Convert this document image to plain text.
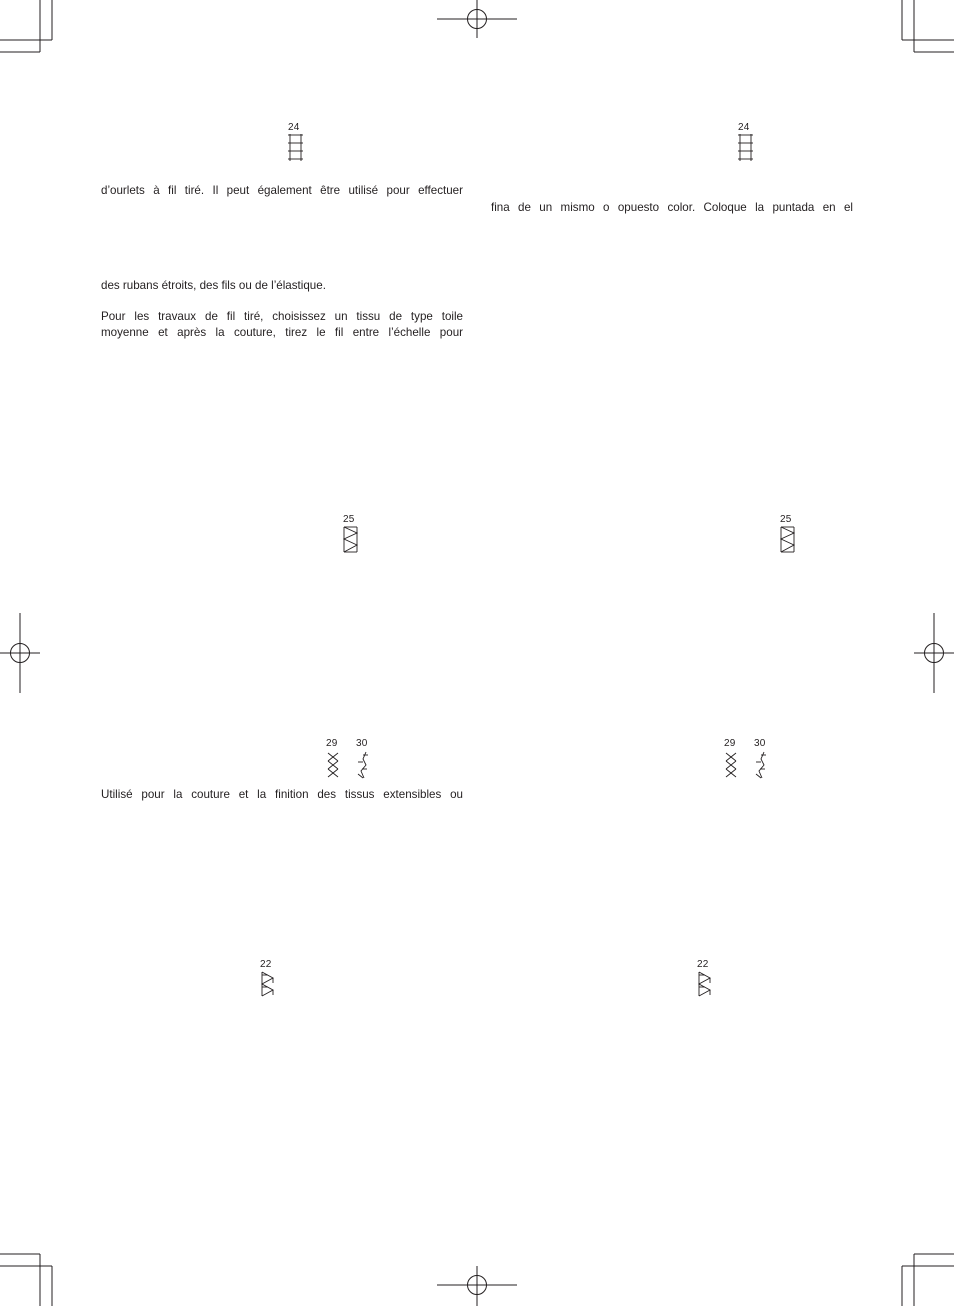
d’ourlets à fil tiré. Il peut également être utilisé pour effectuer
fina de un mismo o opuesto color. Coloque la puntada en el
des rubans étroits, des fils ou de l’élastique.
Pour les travaux de fil tiré, choisissez un tissu de type toile
moyenne et après la couture, tirez le fil entre l’échelle pour
Utilisé pour la couture et la finition des tissus extensibles ou
24	24
25	25
29 30	29 30
22	22
